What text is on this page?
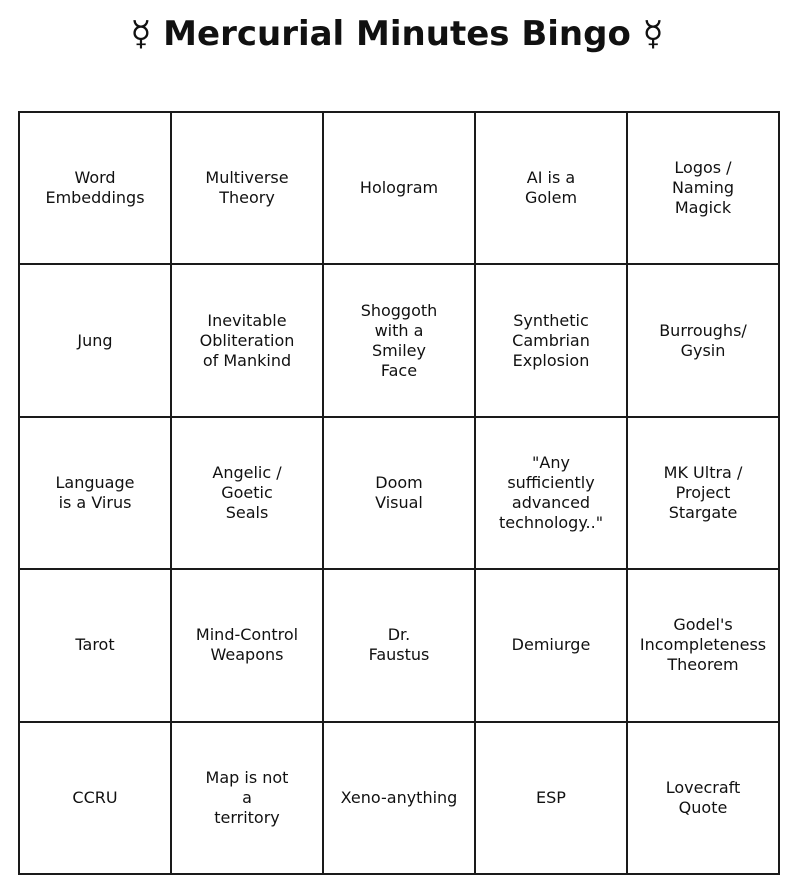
☿ Mercurial Minutes Bingo ☿
Word
Embeddings
Multiverse
Theory
Hologram
AI is a
Golem
Logos /
Naming
Magick
Jung
Inevitable
Obliteration
of Mankind
Shoggoth
with a
Smiley
Face
Synthetic
Cambrian
Explosion
Burroughs/
Gysin
Language
is a Virus
Angelic /
Goetic
Seals
Doom
Visual
"Any
sufficiently
advanced
technology.."
MK Ultra /
Project
Stargate
Tarot
Mind-Control
Weapons
Dr.
Faustus
Demiurge
Godel's
Incompleteness
Theorem
CCRU
Map is not
a
territory
Xeno-anything	ESP
Lovecraft
Quote
